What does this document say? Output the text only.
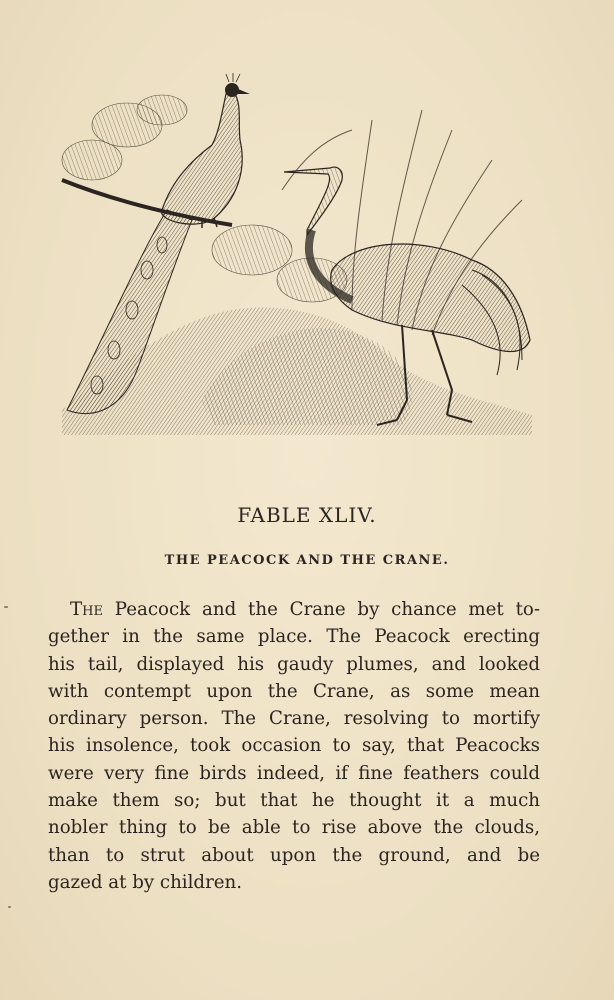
FABLE XLIV.
THE PEACOCK AND THE CRANE.
The Peacock and the Crane by chance met to-
gether in the same place. The Peacock erecting
his tail, displayed his gaudy plumes, and looked
with contempt upon the Crane, as some mean
ordinary person. The Crane, resolving to mortify
his insolence, took occasion to say, that Peacocks
were very fine birds indeed, if fine feathers could
make them so; but that he thought it a much
nobler thing to be able to rise above the clouds,
than to strut about upon the ground, and be
gazed at by children.
